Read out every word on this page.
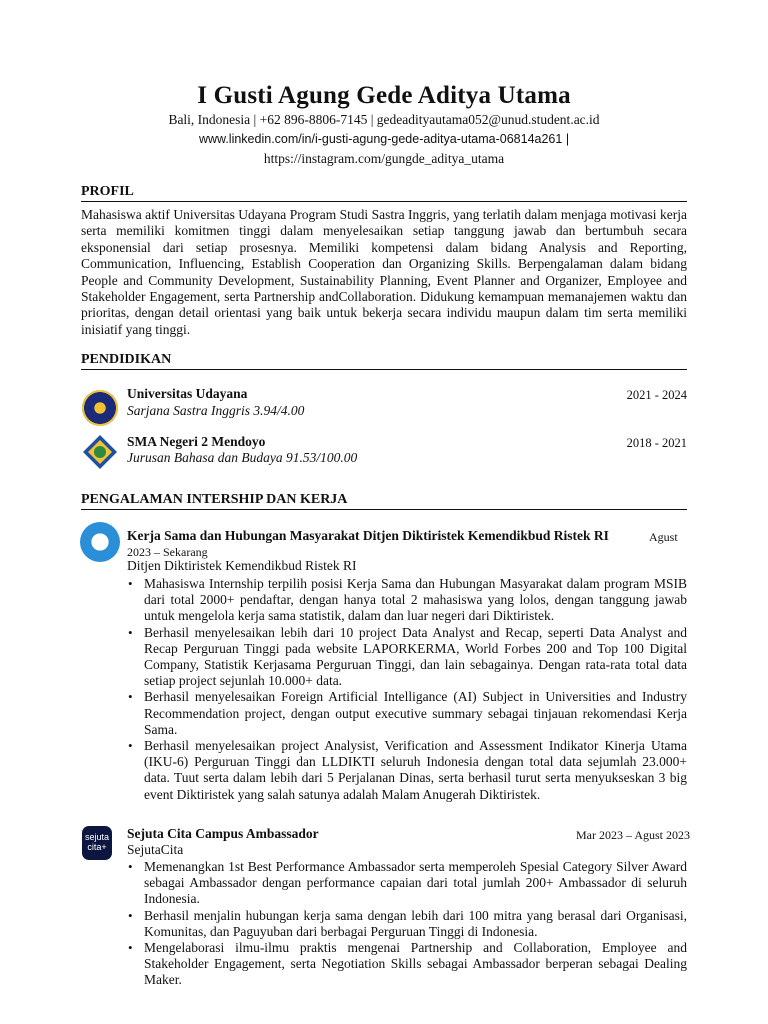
I Gusti Agung Gede Aditya Utama
Bali, Indonesia | +62 896-8806-7145 | gedeadityautama052@unud.student.ac.id
www.linkedin.com/in/i-gusti-agung-gede-aditya-utama-06814a261 |
https://instagram.com/gungde_aditya_utama
PROFIL
Mahasiswa aktif Universitas Udayana Program Studi Sastra Inggris, yang terlatih dalam menjaga motivasi kerja serta memiliki komitmen tinggi dalam menyelesaikan setiap tanggung jawab dan bertumbuh secara eksponensial dari setiap prosesnya. Memiliki kompetensi dalam bidang Analysis and Reporting, Communication, Influencing, Establish Cooperation dan Organizing Skills. Berpengalaman dalam bidang People and Community Development, Sustainability Planning, Event Planner and Organizer, Employee and Stakeholder Engagement, serta Partnership andCollaboration. Didukung kemampuan memanajemen waktu dan prioritas, dengan detail orientasi yang baik untuk bekerja secara individu maupun dalam tim serta memiliki inisiatif yang tinggi.
PENDIDIKAN
Universitas Udayana
Sarjana Sastra Inggris 3.94/4.00
2021 - 2024
SMA Negeri 2 Mendoyo
Jurusan Bahasa dan Budaya 91.53/100.00
2018 - 2021
PENGALAMAN INTERSHIP DAN KERJA
Kerja Sama dan Hubungan Masyarakat Ditjen Diktiristek Kemendikbud Ristek RI	Agust
2023 – Sekarang
Ditjen Diktiristek Kemendikbud Ristek RI
• Mahasiswa Internship terpilih posisi Kerja Sama dan Hubungan Masyarakat dalam program MSIB dari total 2000+ pendaftar, dengan hanya total 2 mahasiswa yang lolos, dengan tanggung jawab untuk mengelola kerja sama statistik, dalam dan luar negeri dari Diktiristek.
• Berhasil menyelesaikan lebih dari 10 project Data Analyst and Recap, seperti Data Analyst and Recap Perguruan Tinggi pada website LAPORKERMA, World Forbes 200 and Top 100 Digital Company, Statistik Kerjasama Perguruan Tinggi, dan lain sebagainya. Dengan rata-rata total data setiap project sejunlah 10.000+ data.
• Berhasil menyelesaikan Foreign Artificial Intelligance (AI) Subject in Universities and Industry Recommendation project, dengan output executive summary sebagai tinjauan rekomendasi Kerja Sama.
• Berhasil menyelesaikan project Analysist, Verification and Assessment Indikator Kinerja Utama (IKU-6) Perguruan Tinggi dan LLDIKTI seluruh Indonesia dengan total data sejumlah 23.000+ data. Tuut serta dalam lebih dari 5 Perjalanan Dinas, serta berhasil turut serta menyukseskan 3 big event Diktiristek yang salah satunya adalah Malam Anugerah Diktiristek.
sejuta
cita+
Sejuta Cita Campus Ambassador	Mar 2023 – Agust 2023
SejutaCita
• Memenangkan 1st Best Performance Ambassador serta memperoleh Spesial Category Silver Award sebagai Ambassador dengan performance capaian dari total jumlah 200+ Ambassador di seluruh Indonesia.
• Berhasil menjalin hubungan kerja sama dengan lebih dari 100 mitra yang berasal dari Organisasi, Komunitas, dan Paguyuban dari berbagai Perguruan Tinggi di Indonesia.
• Mengelaborasi ilmu-ilmu praktis mengenai Partnership and Collaboration, Employee and Stakeholder Engagement, serta Negotiation Skills sebagai Ambassador berperan sebagai Dealing Maker.
